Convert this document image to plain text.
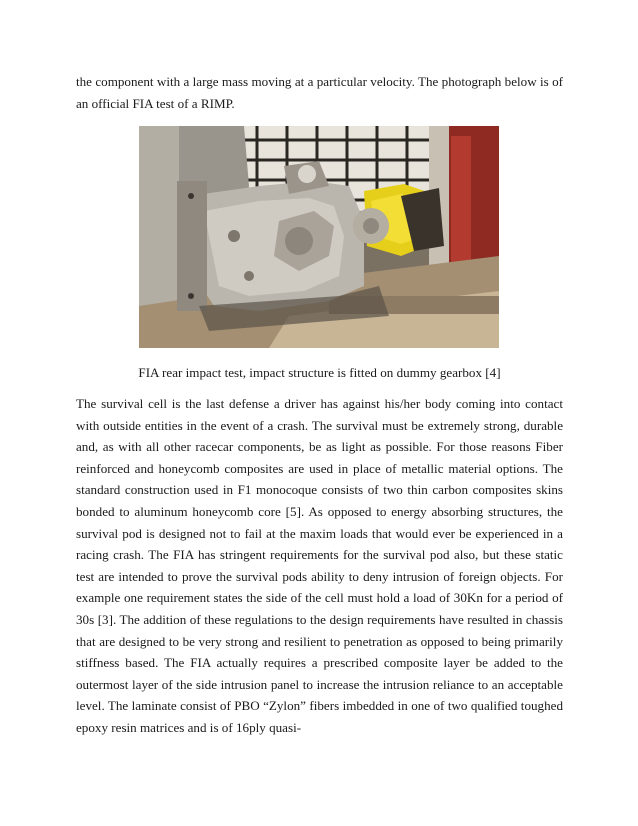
the component with a large mass moving at a particular velocity. The photograph below is of an official FIA test of a RIMP.

FIA rear impact test, impact structure is fitted on dummy gearbox [4]

The survival cell is the last defense a driver has against his/her body coming into contact with outside entities in the event of a crash. The survival must be extremely strong, durable and, as with all other racecar components, be as light as possible. For those reasons Fiber reinforced and honeycomb composites are used in place of metallic material options. The standard construction used in F1 monocoque consists of two thin carbon composites skins bonded to aluminum honeycomb core [5]. As opposed to energy absorbing structures, the survival pod is designed not to fail at the maxim loads that would ever be experienced in a racing crash. The FIA has stringent requirements for the survival pod also, but these static test are intended to prove the survival pods ability to deny intrusion of foreign objects. For example one requirement states the side of the cell must hold a load of 30Kn for a period of 30s [3]. The addition of these regulations to the design requirements have resulted in chassis that are designed to be very strong and resilient to penetration as opposed to being primarily stiffness based. The FIA actually requires a prescribed composite layer be added to the outermost layer of the side intrusion panel to increase the intrusion reliance to an acceptable level. The laminate consist of PBO “Zylon” fibers imbedded in one of two qualified toughed epoxy resin matrices and is of 16ply quasi-
